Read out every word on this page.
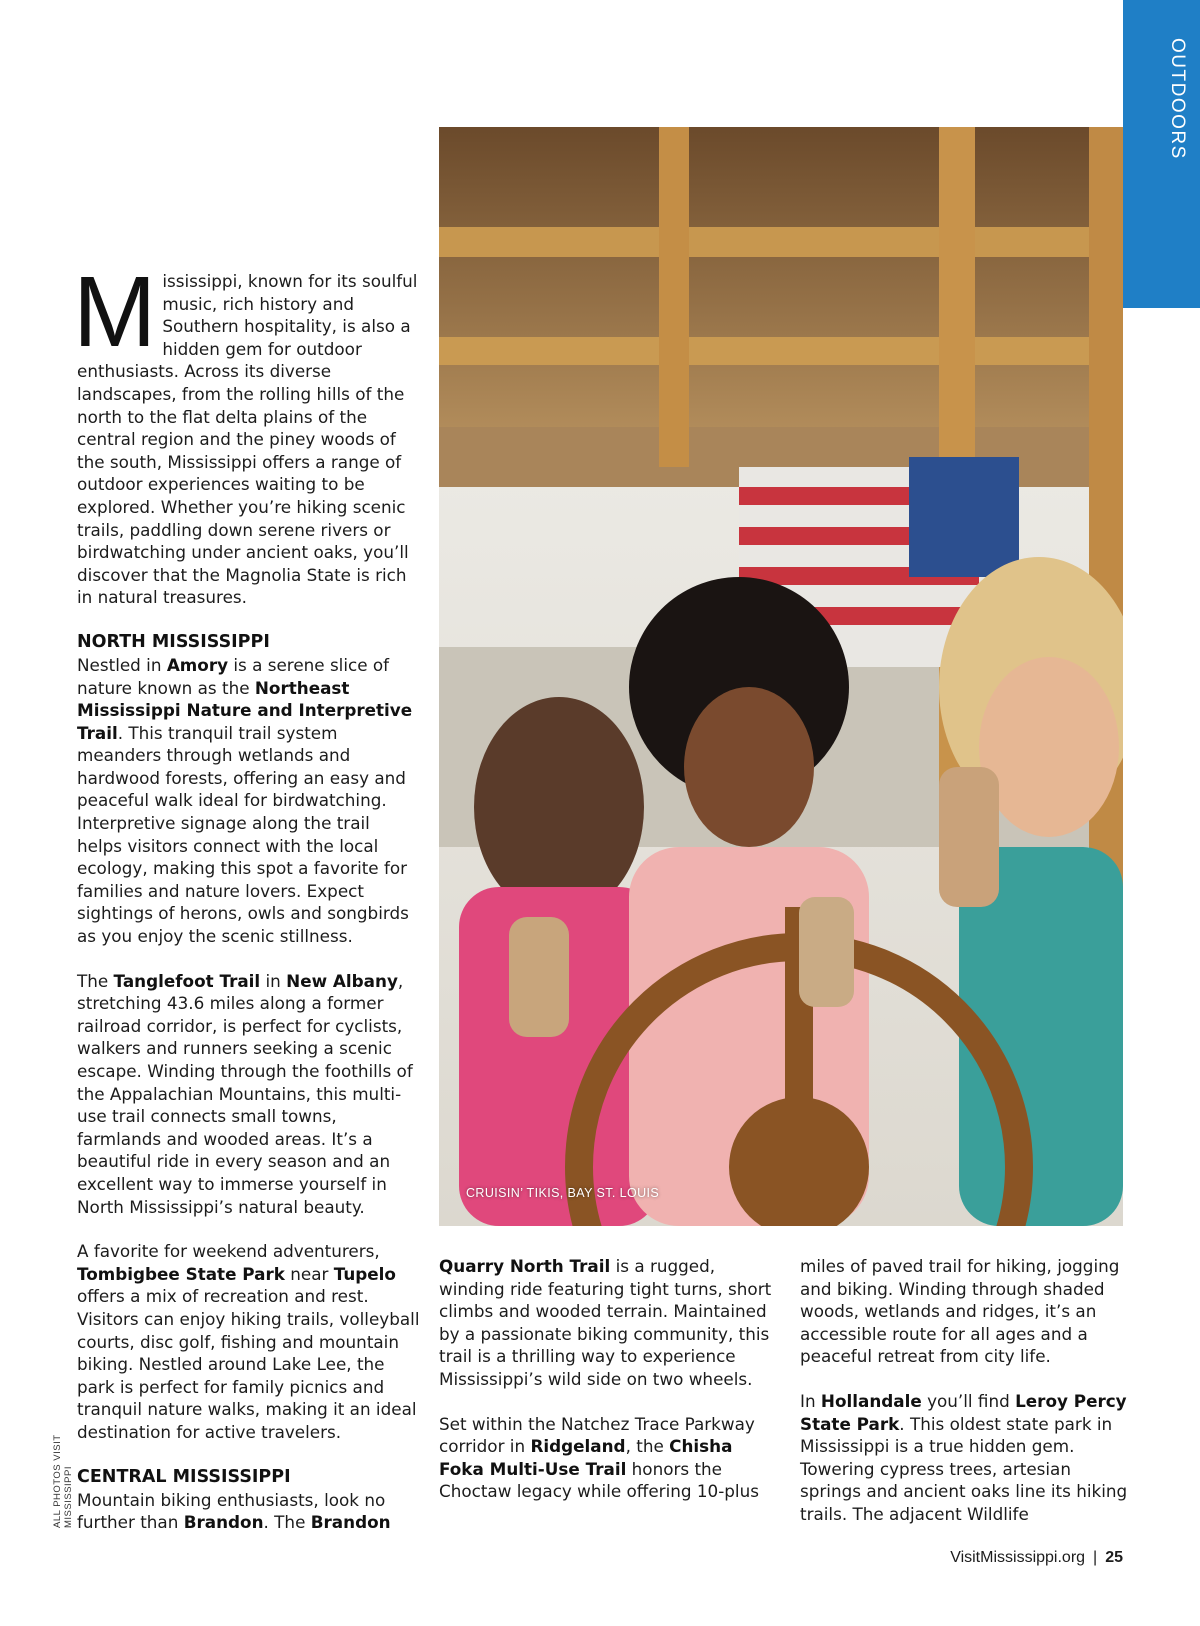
OUTDOORS
CRUISIN’ TIKIS, BAY ST. LOUIS
ALL PHOTOS VISIT MISSISSIPPI

Mississippi, known for its soulful music, rich history and Southern hospitality, is also a hidden gem for outdoor enthusiasts. Across its diverse landscapes, from the rolling hills of the north to the flat delta plains of the central region and the piney woods of the south, Mississippi offers a range of outdoor experiences waiting to be explored. Whether you’re hiking scenic trails, paddling down serene rivers or birdwatching under ancient oaks, you’ll discover that the Magnolia State is rich in natural treasures.

NORTH MISSISSIPPI

Nestled in Amory is a serene slice of nature known as the Northeast Mississippi Nature and Interpretive Trail. This tranquil trail system meanders through wetlands and hardwood forests, offering an easy and peaceful walk ideal for birdwatching. Interpretive signage along the trail helps visitors connect with the local ecology, making this spot a favorite for families and nature lovers. Expect sightings of herons, owls and songbirds as you enjoy the scenic stillness.

The Tanglefoot Trail in New Albany, stretching 43.6 miles along a former railroad corridor, is perfect for cyclists, walkers and runners seeking a scenic escape. Winding through the foothills of the Appalachian Mountains, this multi-use trail connects small towns, farmlands and wooded areas. It’s a beautiful ride in every season and an excellent way to immerse yourself in North Mississippi’s natural beauty.

A favorite for weekend adventurers, Tombigbee State Park near Tupelo offers a mix of recreation and rest. Visitors can enjoy hiking trails, volleyball courts, disc golf, fishing and mountain biking. Nestled around Lake Lee, the park is perfect for family picnics and tranquil nature walks, making it an ideal destination for active travelers.

CENTRAL MISSISSIPPI

Mountain biking enthusiasts, look no further than Brandon. The Brandon

Quarry North Trail is a rugged, winding ride featuring tight turns, short climbs and wooded terrain. Maintained by a passionate biking community, this trail is a thrilling way to experience Mississippi’s wild side on two wheels.

Set within the Natchez Trace Parkway corridor in Ridgeland, the Chisha Foka Multi-Use Trail honors the Choctaw legacy while offering 10-plus

miles of paved trail for hiking, jogging and biking. Winding through shaded woods, wetlands and ridges, it’s an accessible route for all ages and a peaceful retreat from city life.

In Hollandale you’ll find Leroy Percy State Park. This oldest state park in Mississippi is a true hidden gem. Towering cypress trees, artesian springs and ancient oaks line its hiking trails. The adjacent Wildlife

VisitMississippi.org | 25
